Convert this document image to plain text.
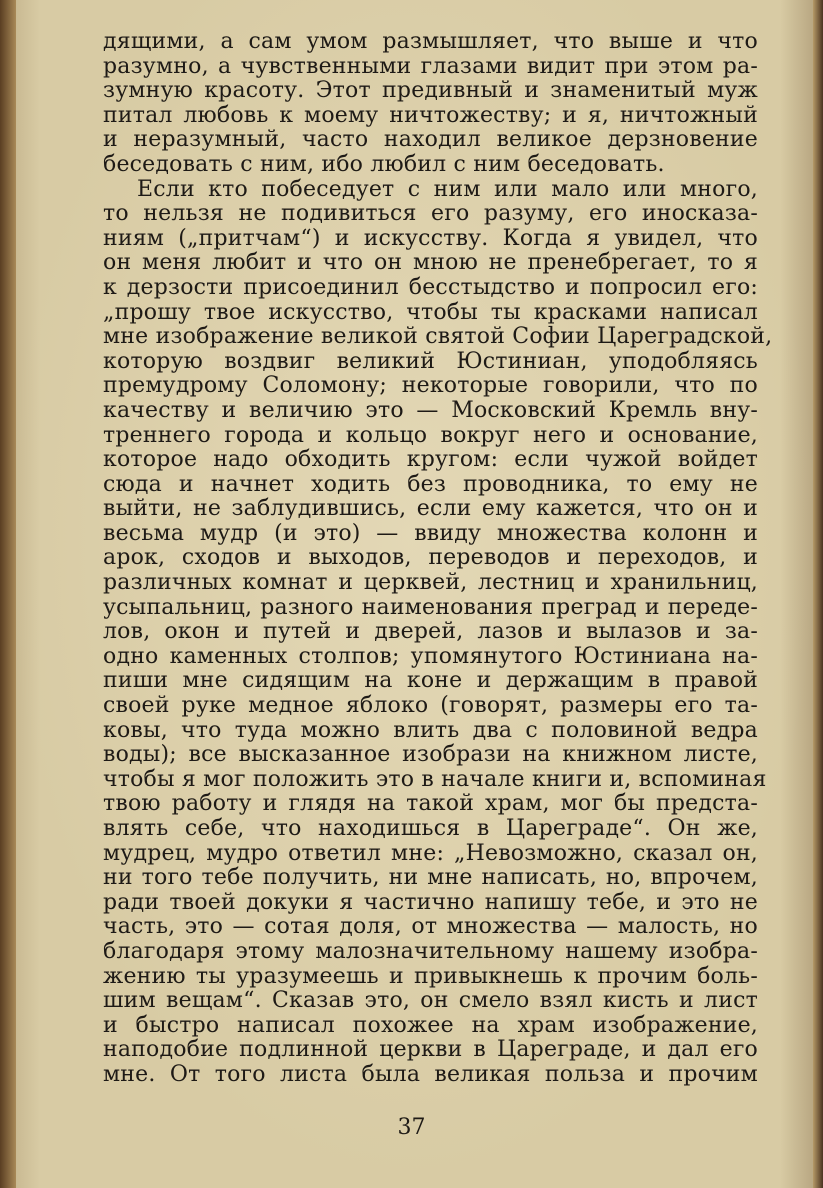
дящими, а сам умом размышляет, что выше и что
разумно, а чувственными глазами видит при этом ра-
зумную красоту. Этот предивный и знаменитый муж
питал любовь к моему ничтожеству; и я, ничтожный
и неразумный, часто находил великое дерзновение
беседовать с ним, ибо любил с ним беседовать.
Если кто побеседует с ним или мало или много,
то нельзя не подивиться его разуму, его иносказа-
ниям („притчам“) и искусству. Когда я увидел, что
он меня любит и что он мною не пренебрегает, то я
к дерзости присоединил бесстыдство и попросил его:
„прошу твое искусство, чтобы ты красками написал
мне изображение великой святой Софии Цареградской,
которую воздвиг великий Юстиниан, уподобляясь
премудрому Соломону; некоторые говорили, что по
качеству и величию это — Московский Кремль вну-
треннего города и кольцо вокруг него и основание,
которое надо обходить кругом: если чужой войдет
сюда и начнет ходить без проводника, то ему не
выйти, не заблудившись, если ему кажется, что он и
весьма мудр (и это) — ввиду множества колонн и
арок, сходов и выходов, переводов и переходов, и
различных комнат и церквей, лестниц и хранильниц,
усыпальниц, разного наименования преград и переде-
лов, окон и путей и дверей, лазов и вылазов и за-
одно каменных столпов; упомянутого Юстиниана на-
пиши мне сидящим на коне и держащим в правой
своей руке медное яблоко (говорят, размеры его та-
ковы, что туда можно влить два с половиной ведра
воды); все высказанное изобрази на книжном листе,
чтобы я мог положить это в начале книги и, вспоминая
твою работу и глядя на такой храм, мог бы предста-
влять себе, что находишься в Цареграде“. Он же,
мудрец, мудро ответил мне: „Невозможно, сказал он,
ни того тебе получить, ни мне написать, но, впрочем,
ради твоей докуки я частично напишу тебе, и это не
часть, это — сотая доля, от множества — малость, но
благодаря этому малозначительному нашему изобра-
жению ты уразумеешь и привыкнешь к прочим боль-
шим вещам“. Сказав это, он смело взял кисть и лист
и быстро написал похожее на храм изображение,
наподобие подлинной церкви в Цареграде, и дал его
мне. От того листа была великая польза и прочим
37
